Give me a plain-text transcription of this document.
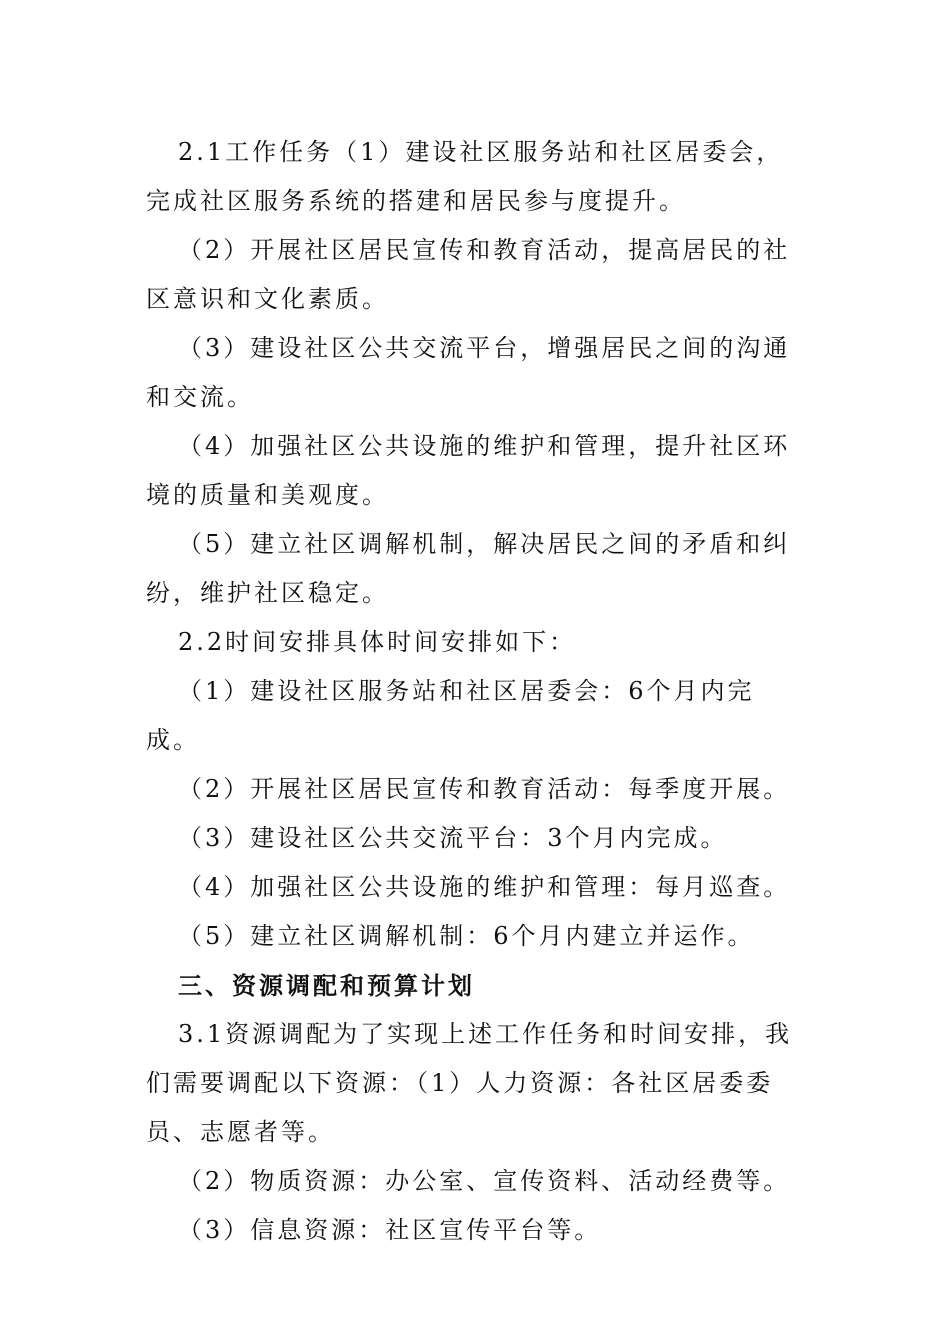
2.1工作任务（1）建设社区服务站和社区居委会，完成社区服务系统的搭建和居民参与度提升。

（2）开展社区居民宣传和教育活动，提高居民的社区意识和文化素质。

（3）建设社区公共交流平台，增强居民之间的沟通和交流。

（4）加强社区公共设施的维护和管理，提升社区环境的质量和美观度。

（5）建立社区调解机制，解决居民之间的矛盾和纠纷，维护社区稳定。

2.2时间安排具体时间安排如下：

（1）建设社区服务站和社区居委会：6个月内完成。

（2）开展社区居民宣传和教育活动：每季度开展。

（3）建设社区公共交流平台：3个月内完成。

（4）加强社区公共设施的维护和管理：每月巡查。

（5）建立社区调解机制：6个月内建立并运作。

三、资源调配和预算计划

3.1资源调配为了实现上述工作任务和时间安排，我们需要调配以下资源：（1）人力资源：各社区居委委员、志愿者等。

（2）物质资源：办公室、宣传资料、活动经费等。

（3）信息资源：社区宣传平台等。
